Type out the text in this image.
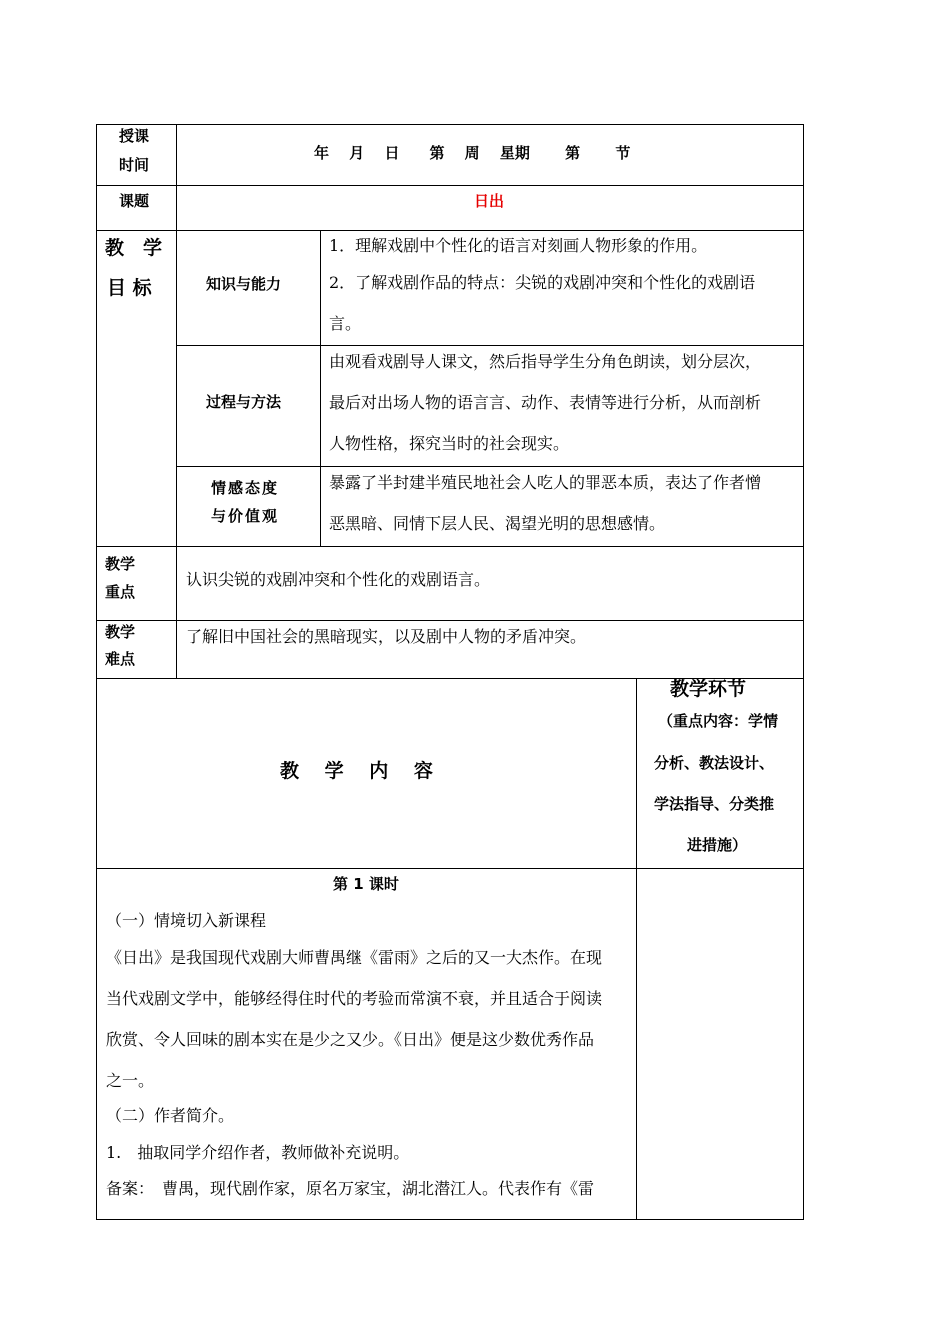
授课
时间
年　 月　 日　　第　 周　 星期　　 第　　 节
课题	日出
教　学
目 标	知识与能力
1．理解戏剧中个性化的语言对刻画人物形象的作用。
2．了解戏剧作品的特点：尖锐的戏剧冲突和个性化的戏剧语
言。
过程与方法
由观看戏剧导人课文，然后指导学生分角色朗读，划分层次，
最后对出场人物的语言言、动作、表情等进行分析，从而剖析
人物性格，探究当时的社会现实。
情感态度
与价值观
暴露了半封建半殖民地社会人吃人的罪恶本质，表达了作者憎
恶黑暗、同情下层人民、渴望光明的思想感情。
教学
重点
认识尖锐的戏剧冲突和个性化的戏剧语言。
教学
难点
了解旧中国社会的黑暗现实，以及剧中人物的矛盾冲突。
教　 学　 内　 容
教学环节
（重点内容：学情
分析、教法设计、
学法指导、分类推
进措施）
第 1 课时
（一）情境切入新课程
《日出》是我国现代戏剧大师曹禺继《雷雨》之后的又一大杰作。在现
当代戏剧文学中，能够经得住时代的考验而常演不衰，并且适合于阅读
欣赏、令人回味的剧本实在是少之又少。《日出》便是这少数优秀作品
之一。
（二）作者简介。
1.　抽取同学介绍作者，教师做补充说明。
备案：　曹禺，现代剧作家，原名万家宝，湖北潜江人。代表作有《雷
